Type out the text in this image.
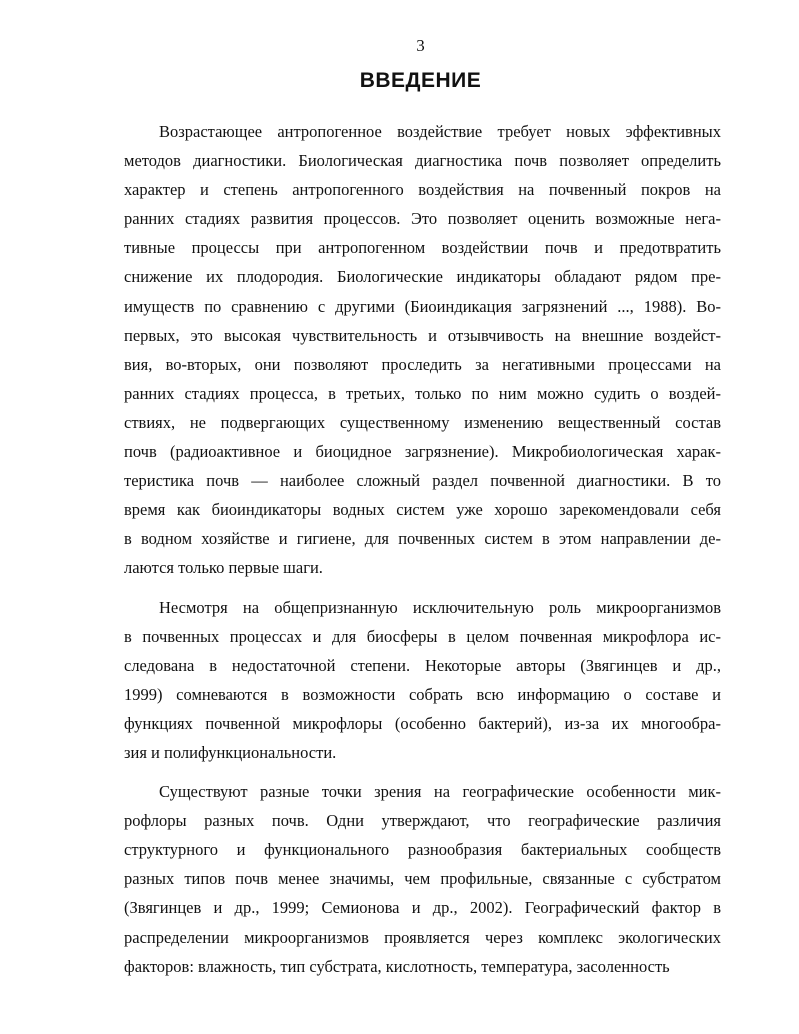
3
ВВЕДЕНИЕ
Возрастающее антропогенное воздействие требует новых эффективных
методов диагностики. Биологическая диагностика почв позволяет определить
характер и степень антропогенного воздействия на почвенный покров на
ранних стадиях развития процессов. Это позволяет оценить возможные нега-
тивные процессы при антропогенном воздействии почв и предотвратить
снижение их плодородия. Биологические индикаторы обладают рядом пре-
имуществ по сравнению с другими (Биоиндикация загрязнений ..., 1988). Во-
первых, это высокая чувствительность и отзывчивость на внешние воздейст-
вия, во-вторых, они позволяют проследить за негативными процессами на
ранних стадиях процесса, в третьих, только по ним можно судить о воздей-
ствиях, не подвергающих существенному изменению вещественный состав
почв (радиоактивное и биоцидное загрязнение). Микробиологическая харак-
теристика почв — наиболее сложный раздел почвенной диагностики. В то
время как биоиндикаторы водных систем уже хорошо зарекомендовали себя
в водном хозяйстве и гигиене, для почвенных систем в этом направлении де-
лаются только первые шаги.
Несмотря на общепризнанную исключительную роль микроорганизмов
в почвенных процессах и для биосферы в целом почвенная микрофлора ис-
следована в недостаточной степени. Некоторые авторы (Звягинцев и др.,
1999) сомневаются в возможности собрать всю информацию о составе и
функциях почвенной микрофлоры (особенно бактерий), из-за их многообра-
зия и полифункциональности.
Существуют разные точки зрения на географические особенности мик-
рофлоры разных почв. Одни утверждают, что географические различия
структурного и функционального разнообразия бактериальных сообществ
разных типов почв менее значимы, чем профильные, связанные с субстратом
(Звягинцев и др., 1999; Семионова и др., 2002). Географический фактор в
распределении микроорганизмов проявляется через комплекс экологических
факторов: влажность, тип субстрата, кислотность, температура, засоленность
